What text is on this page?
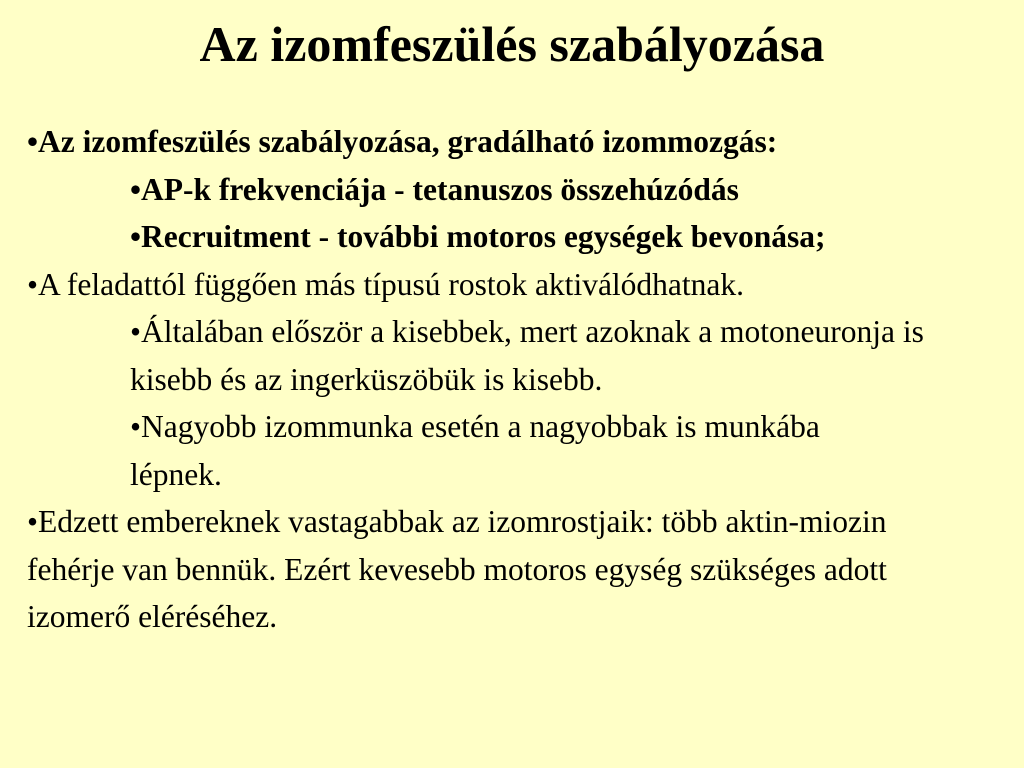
Az izomfeszülés szabályozása

•Az izomfeszülés szabályozása, gradálható izommozgás:

•AP-k frekvenciája - tetanuszos összehúzódás

•Recruitment - további motoros egységek bevonása;

•A feladattól függően más típusú rostok aktiválódhatnak.

•Általában először a kisebbek, mert azoknak a motoneuronja is kisebb és az ingerküszöbük is kisebb.

•Nagyobb izommunka esetén a nagyobbak is munkába lépnek.

•Edzett embereknek vastagabbak az izomrostjaik: több aktin-miozin fehérje van bennük. Ezért kevesebb motoros egység szükséges adott izomerő eléréséhez.
